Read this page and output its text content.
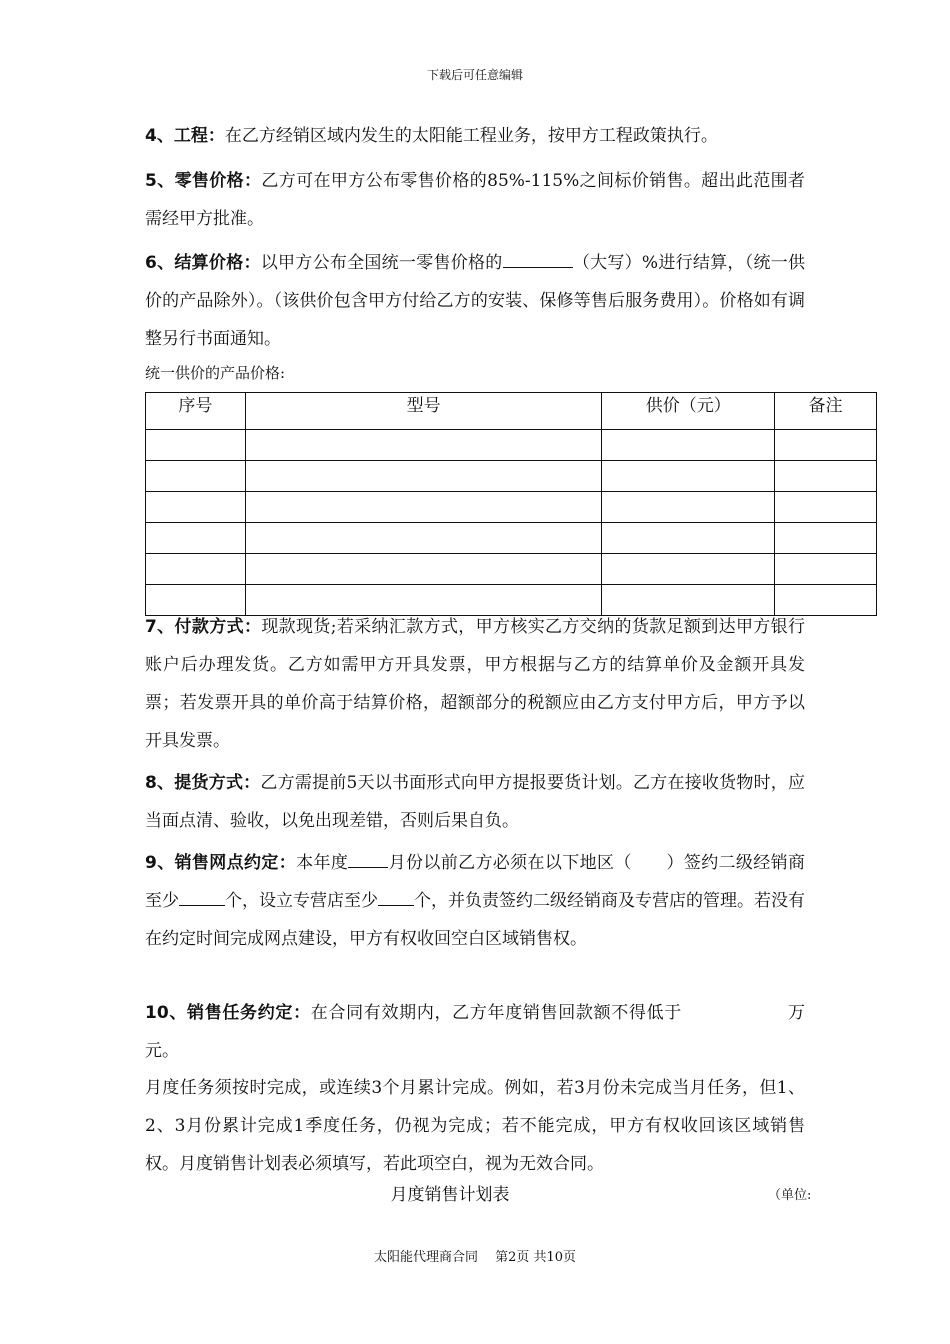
下载后可任意编辑

4、工程：在乙方经销区域内发生的太阳能工程业务，按甲方工程政策执行。

5、零售价格：乙方可在甲方公布零售价格的85%-115%之间标价销售。超出此范围者需经甲方批准。

6、结算价格：以甲方公布全国统一零售价格的	（大写）%进行结算，（统一供价的产品除外）。（该供价包含甲方付给乙方的安装、保修等售后服务费用）。价格如有调整另行书面通知。

统一供价的产品价格:
序号	型号	供价（元）	备注

7、付款方式：现款现货;若采纳汇款方式，甲方核实乙方交纳的货款足额到达甲方银行账户后办理发货。乙方如需甲方开具发票，甲方根据与乙方的结算单价及金额开具发票；若发票开具的单价高于结算价格，超额部分的税额应由乙方支付甲方后，甲方予以开具发票。

8、提货方式：乙方需提前5天以书面形式向甲方提报要货计划。乙方在接收货物时，应当面点清、验收，以免出现差错，否则后果自负。

9、销售网点约定：本年度 月份以前乙方必须在以下地区（　　）签约二级经销商至少	个，设立专营店至少 个，并负责签约二级经销商及专营店的管理。若没有在约定时间完成网点建设，甲方有权收回空白区域销售权。

10、销售任务约定：在合同有效期内，乙方年度销售回款额不得低于　　　　　　万元。

月度任务须按时完成，或连续3个月累计完成。例如，若3月份未完成当月任务，但1、2、3月份累计完成1季度任务，仍视为完成；若不能完成，甲方有权收回该区域销售权。月度销售计划表必须填写，若此项空白，视为无效合同。

月度销售计划表	（单位:
太阳能代理商合同　 第2页 共10页
